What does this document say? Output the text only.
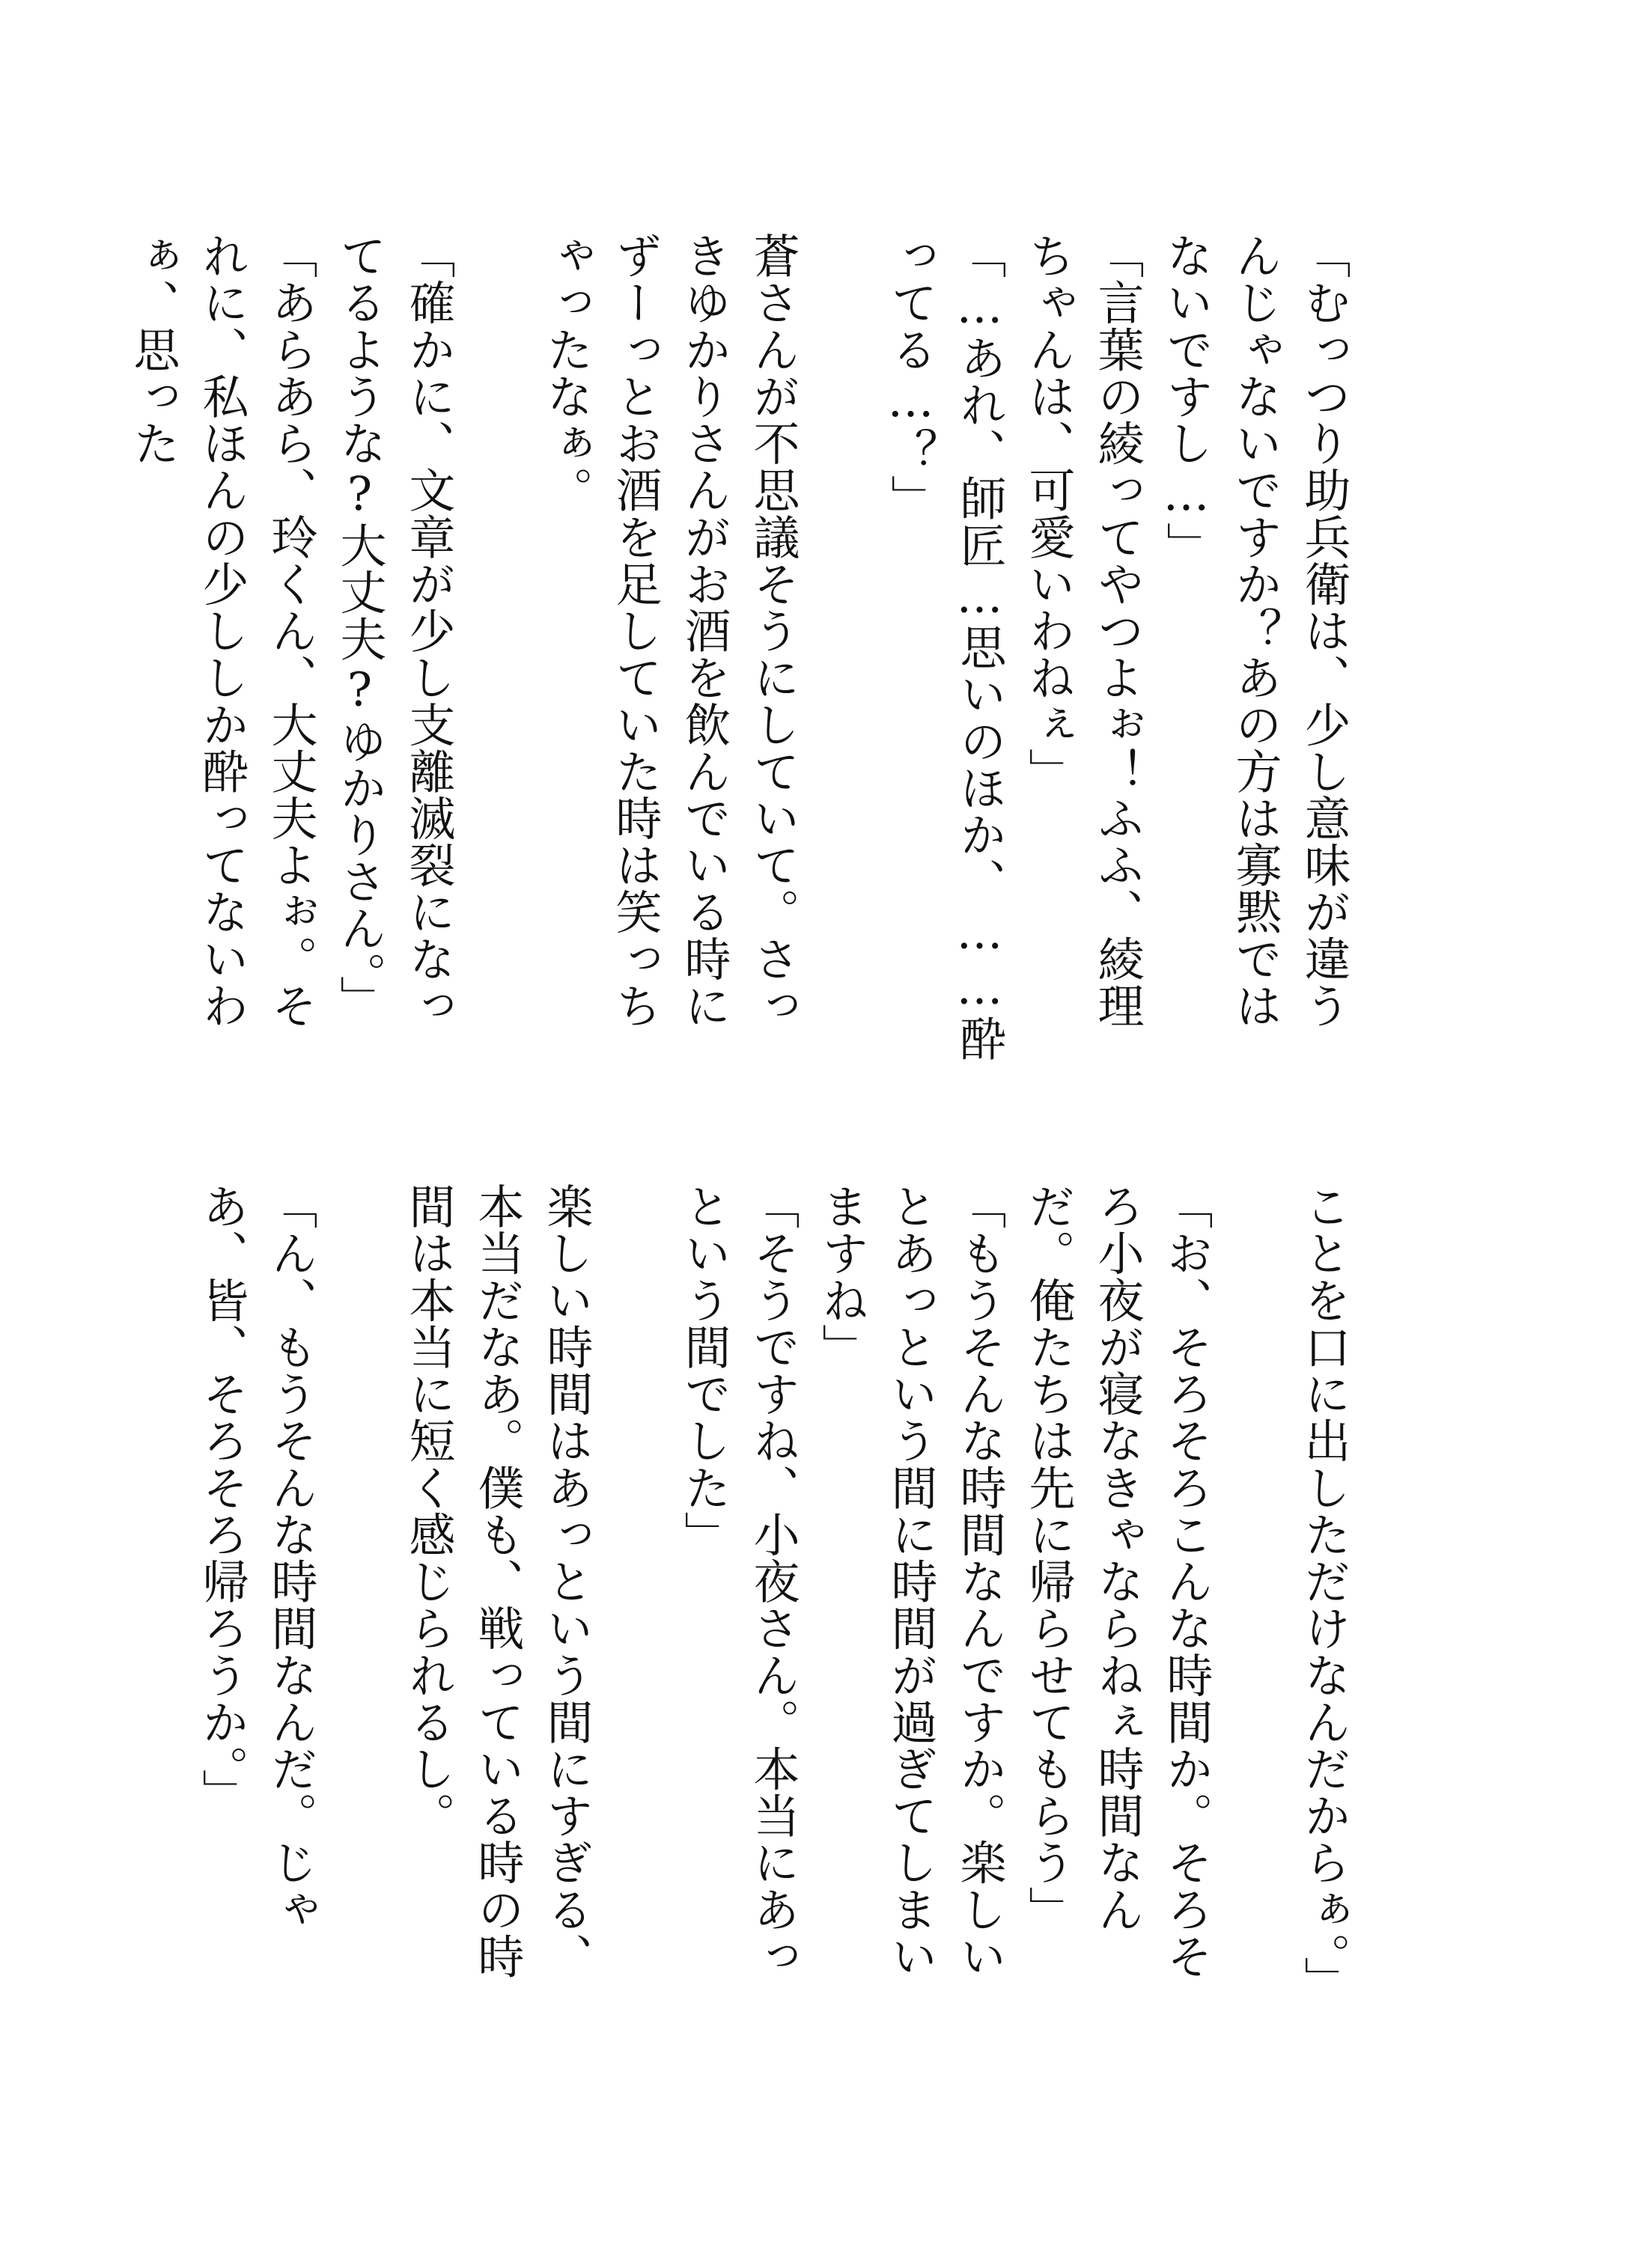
「むっつり助兵衛は、少し意味が違うんじゃないですか？あの方は寡黙ではないですし…」

「言葉の綾ってやつよぉ！ふふ、綾理ちゃんは、可愛いわねぇ」

「…あれ、師匠…思いのほか、……酔ってる…？」

蒼さんが不思議そうにしていて。さっきゆかりさんがお酒を飲んでいる時にずーっとお酒を足していた時は笑っちゃったなぁ。

「確かに、文章が少し支離滅裂になってるような?大丈夫?ゆかりさん。」

「あらあら、玲くん、大丈夫よぉ。それに、私ほんの少ししか酔ってないわぁ、思った

ことを口に出しただけなんだからぁ。」

「お、そろそろこんな時間か。そろそろ小夜が寝なきゃならねぇ時間なんだ。俺たちは先に帰らせてもらう」

「もうそんな時間なんですか。楽しいとあっという間に時間が過ぎてしまいますね」

「そうですね、小夜さん。本当にあっという間でした」

楽しい時間はあっという間にすぎる、本当だなあ。僕も、戦っている時の時間は本当に短く感じられるし。

「ん、もうそんな時間なんだ。じゃあ、皆、そろそろ帰ろうか。」
